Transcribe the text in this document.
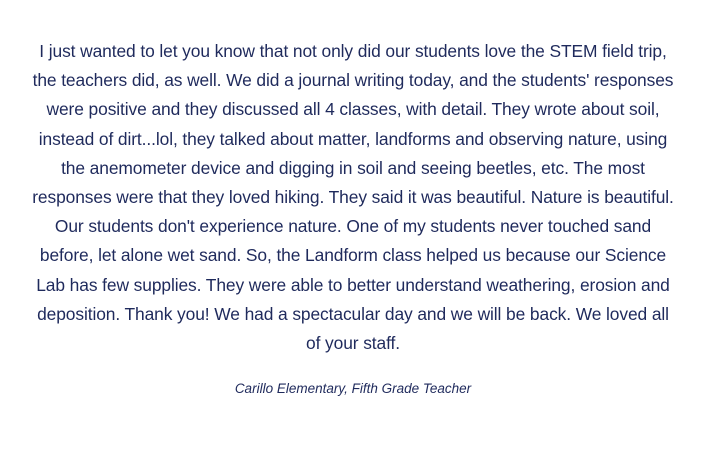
I just wanted to let you know that not only did our students love the STEM field trip, the teachers did, as well. We did a journal writing today, and the students' responses were positive and they discussed all 4 classes, with detail. They wrote about soil, instead of dirt...lol, they talked about matter, landforms and observing nature, using the anemometer device and digging in soil and seeing beetles, etc. The most responses were that they loved hiking. They said it was beautiful. Nature is beautiful. Our students don't experience nature. One of my students never touched sand before, let alone wet sand. So, the Landform class helped us because our Science Lab has few supplies. They were able to better understand weathering, erosion and deposition. Thank you! We had a spectacular day and we will be back. We loved all of your staff.

Carillo Elementary, Fifth Grade Teacher
